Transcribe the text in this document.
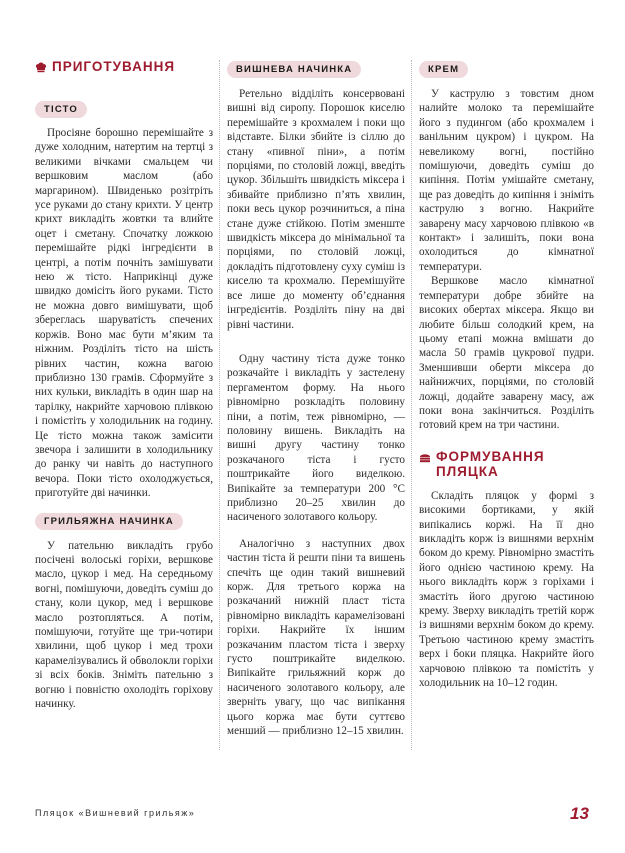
ПРИГОТУВАННЯ
ТІСТО

Просіяне борошно перемішайте з дуже холодним, натертим на тертці з великими вічками смальцем чи вершковим маслом (або маргарином). Швиденько розітріть усе руками до стану крихти. У центр крихт викладіть жовтки та влийте оцет і сметану. Спочатку ложкою перемішайте рідкі інгредієнти в центрі, а потім почніть замішувати нею ж тісто. Наприкінці дуже швидко домісіть його руками. Тісто не можна довго вимішувати, щоб збереглась шаруватість спечених коржів. Воно має бути м’яким та ніжним. Розділіть тісто на шість рівних частин, кожна вагою приблизно 130 грамів. Сформуйте з них кульки, викладіть в один шар на тарілку, накрийте харчовою плівкою і помістіть у холодильник на годину. Це тісто можна також замісити звечора і залишити в холодильнику до ранку чи навіть до наступного вечора. Поки тісто охолоджується, приготуйте дві начинки.

ГРИЛЬЯЖНА НАЧИНКА

У пательню викладіть грубо посічені волоські горіхи, вершкове масло, цукор і мед. На середньому вогні, помішуючи, доведіть суміш до стану, коли цукор, мед і вершкове масло розтопляться. А потім, помішуючи, готуйте ще три-чотири хвилини, щоб цукор і мед трохи карамелізувались й обволокли горіхи зі всіх боків. Зніміть пательню з вогню і повністю охолодіть горіхову начинку.

ВИШНЕВА НАЧИНКА

Ретельно відділіть консервовані вишні від сиропу. Порошок киселю перемішайте з крохмалем і поки що відставте. Білки збийте із сіллю до стану «пивної піни», а потім порціями, по столовій ложці, введіть цукор. Збільшіть швидкість міксера і збивайте приблизно п’ять хвилин, поки весь цукор розчиниться, а піна стане дуже стійкою. Потім зменште швидкість міксера до мінімальної та порціями, по столовій ложці, докладіть підготовлену суху суміш із киселю та крохмалю. Перемішуйте все лише до моменту об’єднання інгредієнтів. Розділіть піну на дві рівні частини.

Одну частину тіста дуже тонко розкачайте і викладіть у застелену пергаментом форму. На нього рівномірно розкладіть половину піни, а потім, теж рівномірно, — половину вишень. Викладіть на вишні другу частину тонко розкачаного тіста і густо поштрикайте його виделкою. Випікайте за температури 200 °C приблизно 20–25 хвилин до насиченого золотавого кольору.

Аналогічно з наступних двох частин тіста й решти піни та вишень спечіть ще один такий вишневий корж. Для третього коржа на розкачаний нижній пласт тіста рівномірно викладіть карамелізовані горіхи. Накрийте їх іншим розкачаним пластом тіста і зверху густо поштрикайте виделкою. Випікайте грильяжний корж до насиченого золотавого кольору, але зверніть увагу, що час випікання цього коржа має бути суттєво менший — приблизно 12–15 хвилин.

КРЕМ

У каструлю з товстим дном налийте молоко та перемішайте його з пудингом (або крохмалем і ванільним цукром) і цукром. На невеликому вогні, постійно помішуючи, доведіть суміш до кипіння. Потім умішайте сметану, ще раз доведіть до кипіння і зніміть каструлю з вогню. Накрийте заварену масу харчовою плівкою «в контакт» і залишіть, поки вона охолодиться до кімнатної температури.

Вершкове масло кімнатної температури добре збийте на високих обертах міксера. Якщо ви любите більш солодкий крем, на цьому етапі можна вмішати до масла 50 грамів цукрової пудри. Зменшивши оберти міксера до найнижчих, порціями, по столовій ложці, додайте заварену масу, аж поки вона закінчиться. Розділіть готовий крем на три частини.

ФОРМУВАННЯ ПЛЯЦКА

Складіть пляцок у формі з високими бортиками, у якій випікались коржі. На її дно викладіть корж із вишнями верхнім боком до крему. Рівномірно змастіть його однією частиною крему. На нього викладіть корж з горіхами і змастіть його другою частиною крему. Зверху викладіть третій корж із вишнями верхнім боком до крему. Третьою частиною крему змастіть верх і боки пляцка. Накрийте його харчовою плівкою та помістіть у холодильник на 10–12 годин.

Пляцок «Вишневий грильяж»	13
